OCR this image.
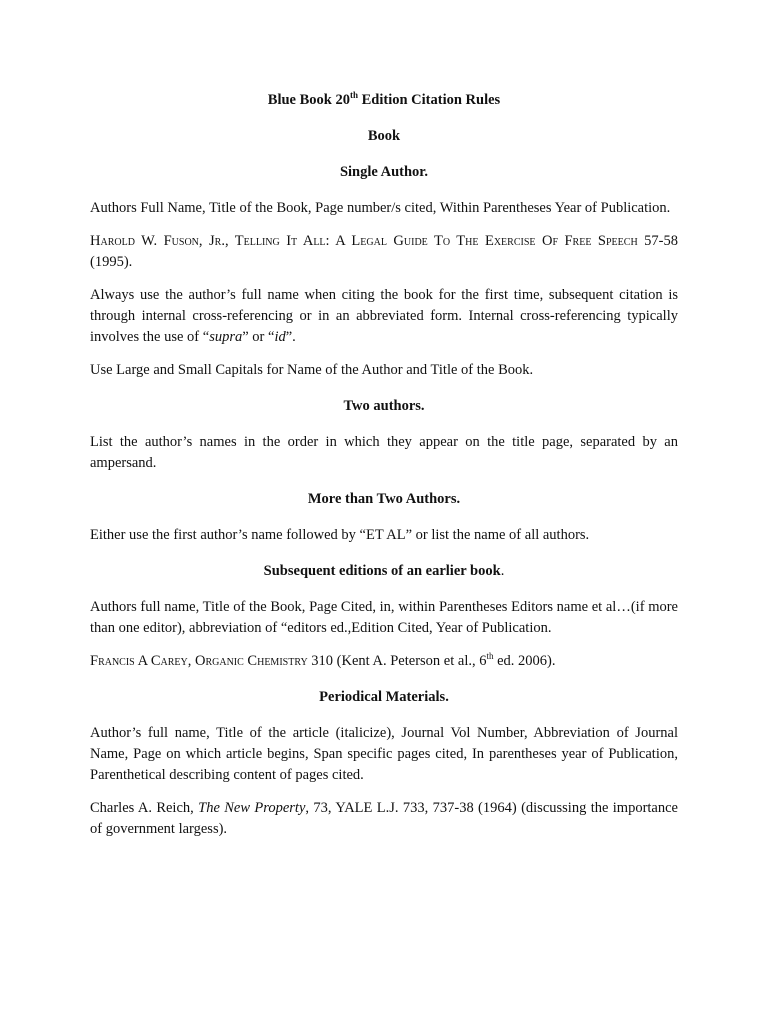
Blue Book 20th Edition Citation Rules

Book

Single Author.

Authors Full Name, Title of the Book, Page number/s cited, Within Parentheses Year of Publication.

Harold W. Fuson, Jr., Telling It All: A Legal Guide To The Exercise Of Free Speech 57-58 (1995).

Always use the author’s full name when citing the book for the first time, subsequent citation is through internal cross-referencing or in an abbreviated form. Internal cross-referencing typically involves the use of “supra” or “id”.

Use Large and Small Capitals for Name of the Author and Title of the Book.

Two authors.

List the author’s names in the order in which they appear on the title page, separated by an ampersand.

More than Two Authors.

Either use the first author’s name followed by “ET AL” or list the name of all authors.

Subsequent editions of an earlier book.

Authors full name, Title of the Book, Page Cited, in, within Parentheses Editors name et al…(if more than one editor), abbreviation of “editors ed.,Edition Cited, Year of Publication.

Francis A Carey, Organic Chemistry 310 (Kent A. Peterson et al., 6th ed. 2006).

Periodical Materials.

Author’s full name, Title of the article (italicize), Journal Vol Number, Abbreviation of Journal Name, Page on which article begins, Span specific pages cited, In parentheses year of Publication, Parenthetical describing content of pages cited.

Charles A. Reich, The New Property, 73, YALE L.J. 733, 737-38 (1964) (discussing the importance of government largess).
